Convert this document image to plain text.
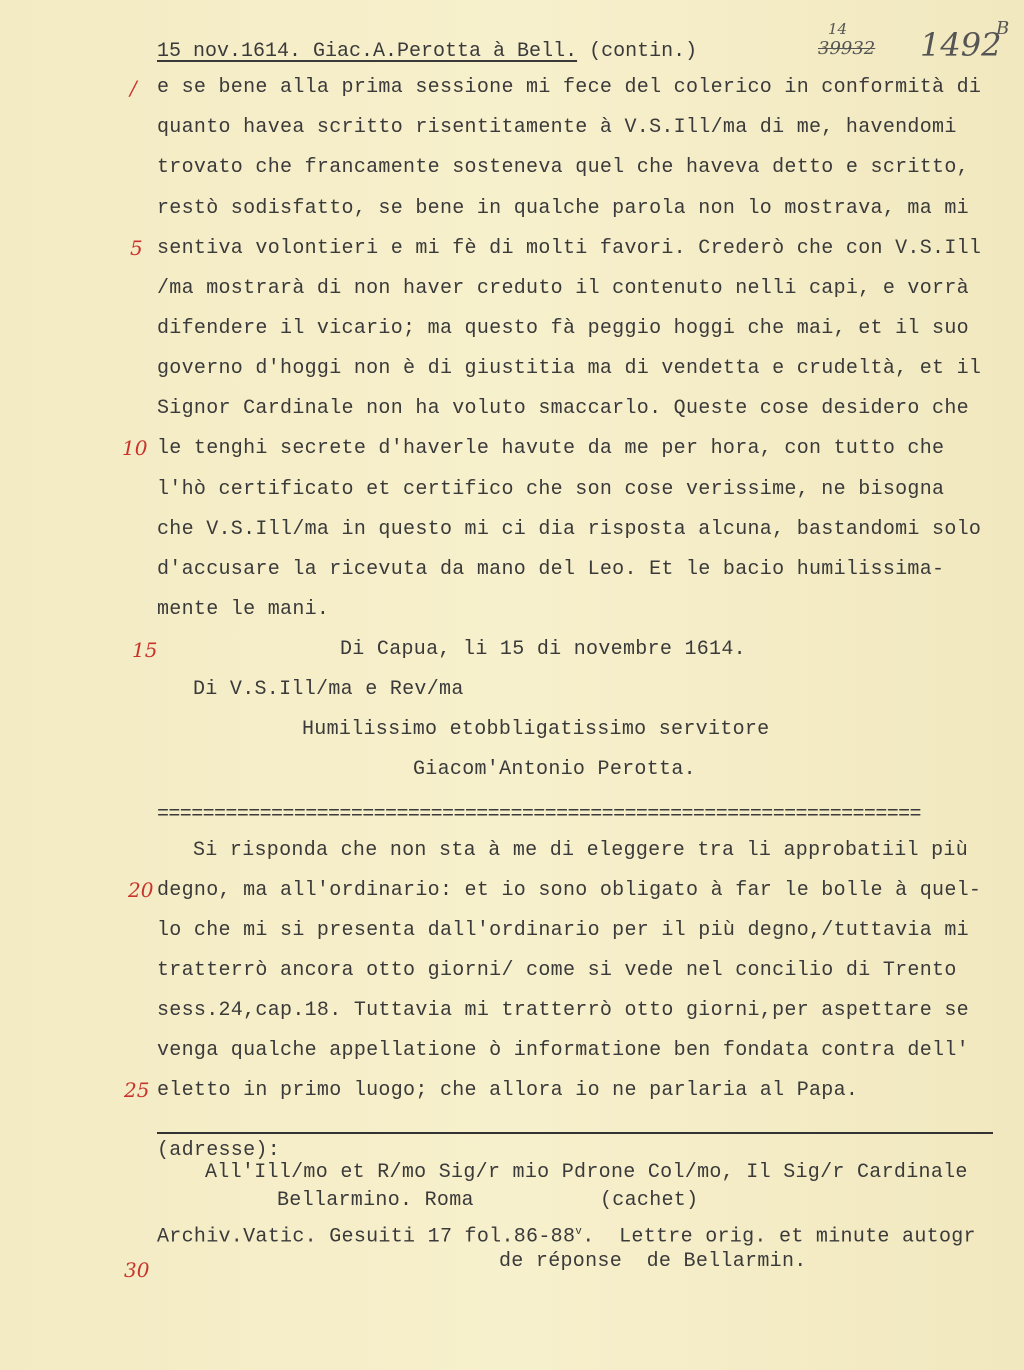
15 nov.1614. Giac.A.Perotta à Bell. (contin.)	39932
14 1492
B
e se bene alla prima sessione mi fece del colerico in conformità di
quanto havea scritto risentitamente à V.S.Ill/ma di me, havendomi
trovato che francamente sosteneva quel che haveva detto e scritto,
restò sodisfatto, se bene in qualche parola non lo mostrava, ma mi
sentiva volontieri e mi fè di molti favori. Crederò che con V.S.Ill
/ma mostrarà di non haver creduto il contenuto nelli capi, e vorrà
difendere il vicario; ma questo fà peggio hoggi che mai, et il suo
governo d'hoggi non è di giustitia ma di vendetta e crudeltà, et il
Signor Cardinale non ha voluto smaccarlo. Queste cose desidero che
le tenghi secrete d'haverle havute da me per hora, con tutto che
l'hò certificato et certifico che son cose verissime, ne bisogna
che V.S.Ill/ma in questo mi ci dia risposta alcuna, bastandomi solo
d'accusare la ricevuta da mano del Leo. Et le bacio humilissima-
mente le mani.
Di Capua, li 15 di novembre 1614.
Di V.S.Ill/ma e Rev/ma
Humilissimo etobbligatissimo servitore
Giacom'Antonio Perotta.
===================================================================
Si risponda che non sta à me di eleggere tra li approbatiil più
degno, ma all'ordinario: et io sono obligato à far le bolle à quel-
lo che mi si presenta dall'ordinario per il più degno,/tuttavia mi
tratterrò ancora otto giorni/ come si vede nel concilio di Trento
sess.24,cap.18. Tuttavia mi tratterrò otto giorni,per aspettare se
venga qualche appellatione ò informatione ben fondata contra dell'
eletto in primo luogo; che allora io ne parlaria al Papa.
(adresse):
All'Ill/mo et R/mo Sig/r mio Pdrone Col/mo, Il Sig/r Cardinale
Bellarmino. Roma	(cachet)
Archiv.Vatic. Gesuiti 17 fol.86-88$^v$.  Lettre orig. et minute autogr
de réponse  de Bellarmin.
/
5
10
15
20
25
30
